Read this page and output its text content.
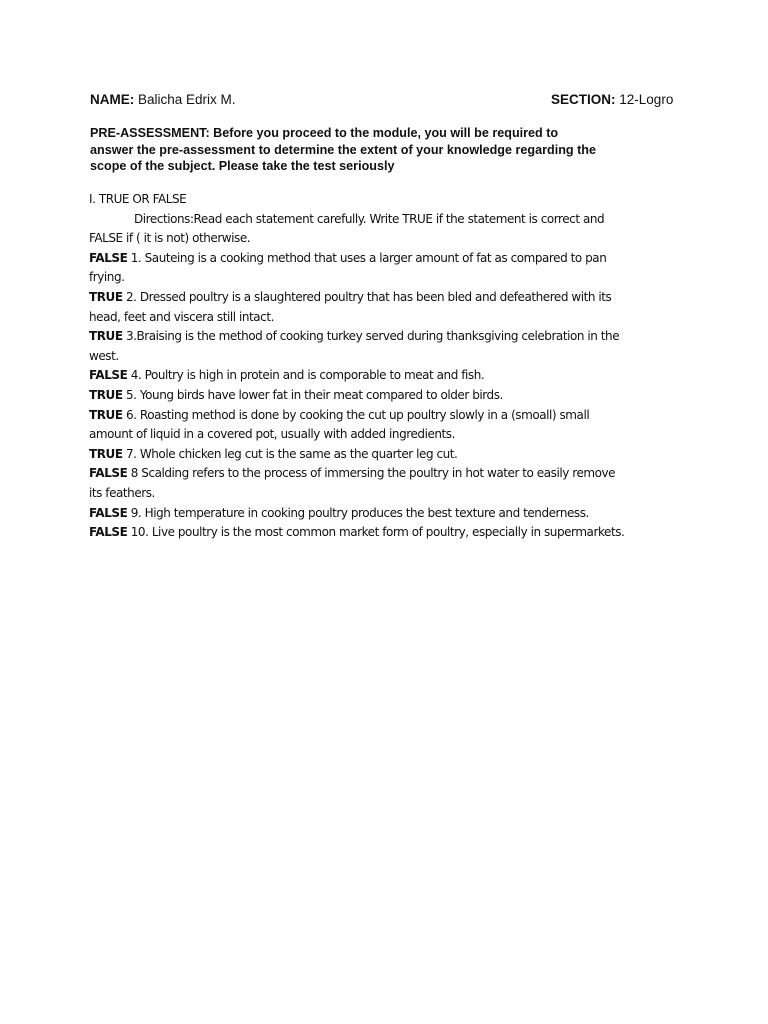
NAME: Balicha Edrix M.	SECTION: 12-Logro
PRE-ASSESSMENT: Before you proceed to the module, you will be required to
answer the pre-assessment to determine the extent of your knowledge regarding the
scope of the subject. Please take the test seriously
I. TRUE OR FALSE
Directions:Read each statement carefully. Write TRUE if the statement is correct and
FALSE if ( it is not) otherwise.
FALSE 1. Sauteing is a cooking method that uses a larger amount of fat as compared to pan
frying.
TRUE 2. Dressed poultry is a slaughtered poultry that has been bled and defeathered with its
head, feet and viscera still intact.
TRUE 3.Braising is the method of cooking turkey served during thanksgiving celebration in the
west.
FALSE 4. Poultry is high in protein and is comporable to meat and fish.
TRUE 5. Young birds have lower fat in their meat compared to older birds.
TRUE 6. Roasting method is done by cooking the cut up poultry slowly in a (smoall) small
amount of liquid in a covered pot, usually with added ingredients.
TRUE 7. Whole chicken leg cut is the same as the quarter leg cut.
FALSE 8 Scalding refers to the process of immersing the poultry in hot water to easily remove
its feathers.
FALSE 9. High temperature in cooking poultry produces the best texture and tenderness.
FALSE 10. Live poultry is the most common market form of poultry, especially in supermarkets.
